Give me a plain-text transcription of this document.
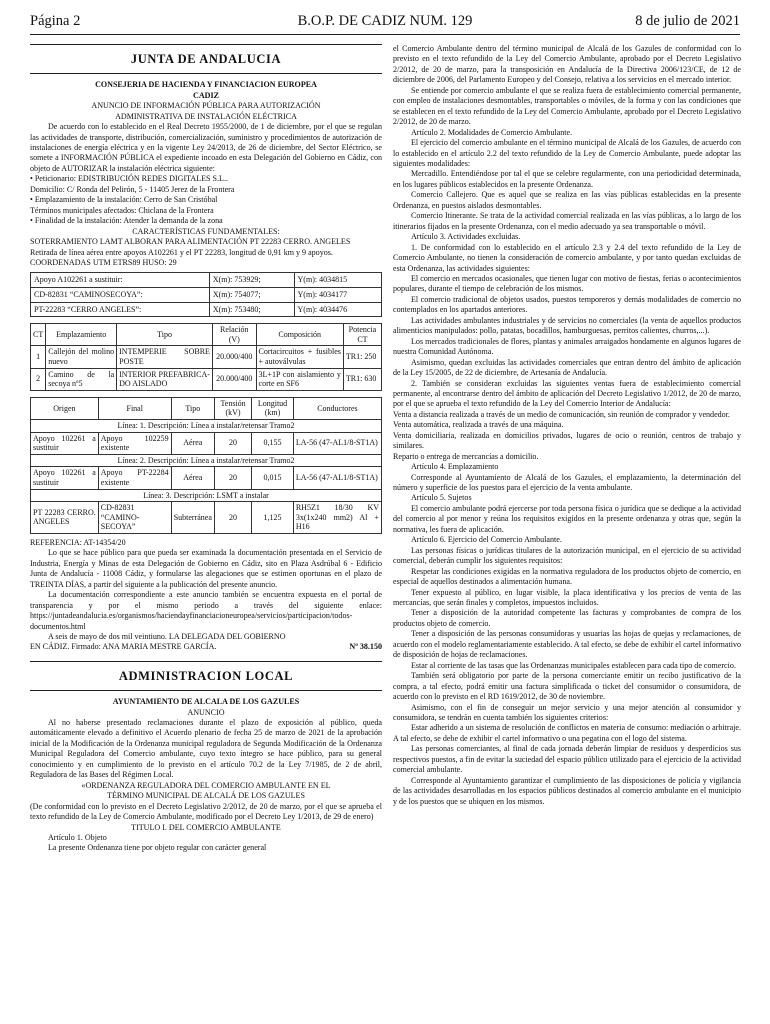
Página 2	B.O.P. DE CADIZ NUM. 129	8 de julio de 2021

JUNTA DE ANDALUCIA

CONSEJERIA DE HACIENDA Y FINANCIACION EUROPEA

CADIZ

ANUNCIO DE INFORMACIÓN PÚBLICA PARA AUTORIZACIÓN

ADMINISTRATIVA DE INSTALACIÓN ELÉCTRICA

De acuerdo con lo establecido en el Real Decreto 1955/2000, de 1 de diciembre, por el que se regulan las actividades de transporte, distribución, comercialización, suministro y procedimientos de autorización de instalaciones de energía eléctrica y en la vigente Ley 24/2013, de 26 de diciembre, del Sector Eléctrico, se somete a INFORMACIÓN PÚBLICA el expediente incoado en esta Delegación del Gobierno en Cádiz, con objeto de AUTORIZAR la instalación eléctrica siguiente:

• Peticionario: EDISTRIBUCIÓN REDES DIGITALES S.L..

Domicilio: C/ Ronda del Pelirón, 5 - 11405 Jerez de la Frontera

• Emplazamiento de la instalación: Cerro de San Cristóbal

Términos municipales afectados: Chiclana de la Frontera

• Finalidad de la instalación: Atender la demanda de la zona

CARACTERÍSTICAS FUNDAMENTALES:

SOTERRAMIENTO LAMT ALBORAN PARA ALIMENTACIÓN PT 22283 CERRO. ANGELES

Retirada de línea aérea entre apoyos A102261 y el PT 22283, longitud de 0,91 km y 9 apoyos.

COORDENADAS UTM ETRS89 HUSO: 29

Apoyo A102261 a sustituir:	X(m): 753929;	Y(m): 4034815
CD-82831 “CAMINOSECOYA”:	X(m): 754077;	Y(m): 4034177
PT-22283 “CERRO ANGELES”:	X(m): 753480;	Y(m): 4034476
CT	Emplazamiento	Tipo	Relación (V)	Composición	Potencia CT
1	Callejón del molino nuevo	INTEMPERIE SOBRE POSTE	20.000/400	Cortacircuitos + fusibles + autoválvulas	TR1: 250
2	Camino de la secoya nº5	INTERIOR PREFABRICA-DO AISLADO	20.000/400	3L+1P con aislamiento y corte en SF6	TR1: 630
Origen	Final	Tipo	Tensión (kV)	Longitud (km)	Conductores
Línea: 1. Descripción: Línea a instalar/retensar Tramo2					
Apoyo 102261 a sustituir	Apoyo 102259 existente	Aérea	20	0,155	LA-56 (47-AL1/8-ST1A)
Línea: 2. Descripción: Línea a instalar/retensar Tramo2					
Apoyo 102261 a sustituir	Apoyo PT-22284 existente	Aérea	20	0,015	LA-56 (47-AL1/8-ST1A)
Línea: 3. Descripción: LSMT a instalar					
PT 22283 CERRO. ANGELES	CD-82831 “CAMINO-SECOYA”	Subterránea	20	1,125	RH5Z1 18/30 KV 3x(1x240 mm2) Al + H16

REFERENCIA: AT-14354/20

Lo que se hace público para que pueda ser examinada la documentación presentada en el Servicio de Industria, Energía y Minas de esta Delegación de Gobierno en Cádiz, sito en Plaza Asdrúbal 6 - Edificio Junta de Andalucía - 11008 Cádiz, y formularse las alegaciones que se estimen oportunas en el plazo de TREINTA DÍAS, a partir del siguiente a la publicación del presente anuncio.

La documentación correspondiente a este anuncio también se encuentra expuesta en el portal de transparencia y por el mismo periodo a través del siguiente enlace: https://juntadeandalucia.es/organismos/haciendayfinanciacioneuropea/servicios/participacion/todos-documentos.html

A seis de mayo de dos mil veintiuno. LA DELEGADA DEL GOBIERNO

EN CÁDIZ. Firmado: ANA MARIA MESTRE GARCÍA.	Nº 38.150

ADMINISTRACION LOCAL

AYUNTAMIENTO DE ALCALA DE LOS GAZULES

ANUNCIO

Al no haberse presentado reclamaciones durante el plazo de exposición al público, queda automáticamente elevado a definitivo el Acuerdo plenario de fecha 25 de marzo de 2021 de la aprobación inicial de la Modificación de la Ordenanza municipal reguladora de Segunda Modificación de la Ordenanza Municipal Reguladora del Comercio ambulante, cuyo texto íntegro se hace público, para su general conocimiento y en cumplimiento de lo previsto en el artículo 70.2 de la Ley 7/1985, de 2 de abril, Reguladora de las Bases del Régimen Local.

«ORDENANZA REGULADORA DEL COMERCIO AMBULANTE EN EL

TÉRMINO MUNICIPAL DE ALCALÁ DE LOS GAZULES

(De conformidad con lo previsto en el Decreto Legislativo 2/2012, de 20 de marzo, por el que se aprueba el texto refundido de la Ley de Comercio Ambulante, modificado por el Decreto Ley 1/2013, de 29 de enero)

TITULO I. DEL COMERCIO AMBULANTE

Artículo 1. Objeto

La presente Ordenanza tiene por objeto regular con carácter general

el Comercio Ambulante dentro del término municipal de Alcalá de los Gazules de conformidad con lo previsto en el texto refundido de la Ley del Comercio Ambulante, aprobado por el Decreto Legislativo 2/2012, de 20 de marzo, para la transposición en Andalucía de la Directiva 2006/123/CE, de 12 de diciembre de 2006, del Parlamento Europeo y del Consejo, relativa a los servicios en el mercado interior.

Se entiende por comercio ambulante el que se realiza fuera de establecimiento comercial permanente, con empleo de instalaciones desmontables, transportables o móviles, de la forma y con las condiciones que se establecen en el texto refundido de la Ley del Comercio Ambulante, aprobado por el Decreto Legislativo 2/2012, de 20 de marzo.

Artículo 2. Modalidades de Comercio Ambulante.

El ejercicio del comercio ambulante en el término municipal de Alcalá de los Gazules, de acuerdo con lo establecido en el artículo 2.2 del texto refundido de la Ley de Comercio Ambulante, puede adoptar las siguientes modalidades:

Mercadillo. Entendiéndose por tal el que se celebre regularmente, con una periodicidad determinada, en los lugares públicos establecidos en la presente Ordenanza.

Comercio Callejero. Que es aquel que se realiza en las vías públicas establecidas en la presente Ordenanza, en puestos aislados desmontables.

Comercio Itinerante. Se trata de la actividad comercial realizada en las vías públicas, a lo largo de los itinerarios fijados en la presente Ordenanza, con el medio adecuado ya sea transportable o móvil.

Artículo 3. Actividades excluidas.

1. De conformidad con lo establecido en el artículo 2.3 y 2.4 del texto refundido de la Ley de Comercio Ambulante, no tienen la consideración de comercio ambulante, y por tanto quedan excluidas de esta Ordenanza, las actividades siguientes:

El comercio en mercados ocasionales, que tienen lugar con motivo de fiestas, ferias o acontecimientos populares, durante el tiempo de celebración de los mismos.

El comercio tradicional de objetos usados, puestos temporeros y demás modalidades de comercio no contemplados en los apartados anteriores.

Las actividades ambulantes industriales y de servicios no comerciales (la venta de aquellos productos alimenticios manipulados: pollo, patatas, bocadillos, hamburguesas, perritos calientes, churros,...).

Los mercados tradicionales de flores, plantas y animales arraigados hondamente en algunos lugares de nuestra Comunidad Autónoma.

Asimismo, quedan excluidas las actividades comerciales que entran dentro del ámbito de aplicación de la Ley 15/2005, de 22 de diciembre, de Artesanía de Andalucía.

2. También se consideran excluidas las siguientes ventas fuera de establecimiento comercial permanente, al encontrarse dentro del ámbito de aplicación del Decreto Legislativo 1/2012, de 20 de marzo, por el que se aprueba el texto refundido de la Ley del Comercio Interior de Andalucía:

Venta a distancia realizada a través de un medio de comunicación, sin reunión de comprador y vendedor.

Venta automática, realizada a través de una máquina.

Venta domiciliaria, realizada en domicilios privados, lugares de ocio o reunión, centros de trabajo y similares.

Reparto o entrega de mercancías a domicilio.

Artículo 4. Emplazamiento

Corresponde al Ayuntamiento de Alcalá de los Gazules, el emplazamiento, la determinación del número y superficie de los puestos para el ejercicio de la venta ambulante.

Artículo 5. Sujetos

El comercio ambulante podrá ejercerse por toda persona física o jurídica que se dedique a la actividad del comercio al por menor y reúna los requisitos exigidos en la presente ordenanza y otras que, según la normativa, les fuera de aplicación.

Artículo 6. Ejercicio del Comercio Ambulante.

Las personas físicas o jurídicas titulares de la autorización municipal, en el ejercicio de su actividad comercial, deberán cumplir los siguientes requisitos:

Respetar las condiciones exigidas en la normativa reguladora de los productos objeto de comercio, en especial de aquellos destinados a alimentación humana.

Tener expuesto al público, en lugar visible, la placa identificativa y los precios de venta de las mercancías, que serán finales y completos, impuestos incluidos.

Tener a disposición de la autoridad competente las facturas y comprobantes de compra de los productos objeto de comercio.

Tener a disposición de las personas consumidoras y usuarias las hojas de quejas y reclamaciones, de acuerdo con el modelo reglamentariamente establecido. A tal efecto, se debe de exhibir el cartel informativo de disposición de hojas de reclamaciones.

Estar al corriente de las tasas que las Ordenanzas municipales establecen para cada tipo de comercio.

También será obligatorio por parte de la persona comerciante emitir un recibo justificativo de la compra, a tal efecto, podrá emitir una factura simplificada o ticket del consumidor o consumidora, de acuerdo con lo previsto en el RD 1619/2012, de 30 de noviembre.

Asimismo, con el fin de conseguir un mejor servicio y una mejor atención al consumidor y consumidora, se tendrán en cuenta también los siguientes criterios:

Estar adherido a un sistema de resolución de conflictos en materia de consumo: mediación o arbitraje. A tal efecto, se debe de exhibir el cartel informativo o una pegatina con el logo del sistema.

Las personas comerciantes, al final de cada jornada deberán limpiar de residuos y desperdicios sus respectivos puestos, a fin de evitar la suciedad del espacio público utilizado para el ejercicio de la actividad comercial ambulante.

Corresponde al Ayuntamiento garantizar el cumplimiento de las disposiciones de policía y vigilancia de las actividades desarrolladas en los espacios públicos destinados al comercio ambulante en el municipio y de los puestos que se ubiquen en los mismos.
